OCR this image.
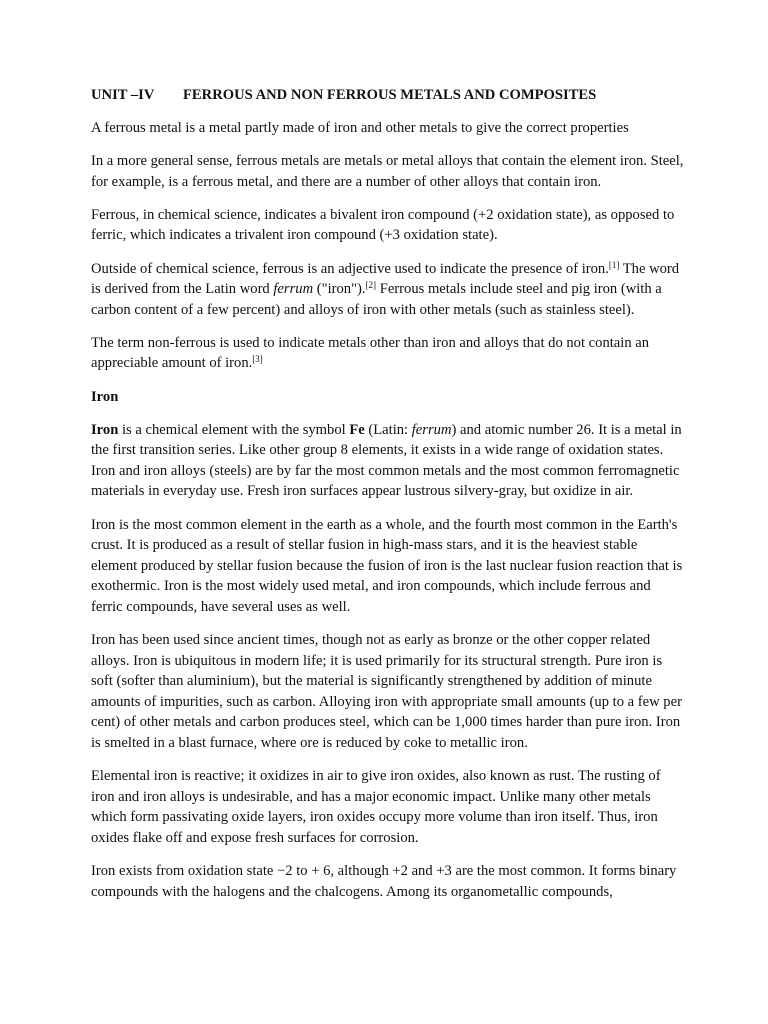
UNIT –IV FERROUS AND NON FERROUS METALS AND COMPOSITES

A ferrous metal is a metal partly made of iron and other metals to give the correct properties

In a more general sense, ferrous metals are metals or metal alloys that contain the element iron. Steel, for example, is a ferrous metal, and there are a number of other alloys that contain iron.

Ferrous, in chemical science, indicates a bivalent iron compound (+2 oxidation state), as opposed to ferric, which indicates a trivalent iron compound (+3 oxidation state).

Outside of chemical science, ferrous is an adjective used to indicate the presence of iron.[1] The word is derived from the Latin word ferrum ("iron").[2] Ferrous metals include steel and pig iron (with a carbon content of a few percent) and alloys of iron with other metals (such as stainless steel).

The term non-ferrous is used to indicate metals other than iron and alloys that do not contain an appreciable amount of iron.[3]

Iron

Iron is a chemical element with the symbol Fe (Latin: ferrum) and atomic number 26. It is a metal in the first transition series. Like other group 8 elements, it exists in a wide range of oxidation states. Iron and iron alloys (steels) are by far the most common metals and the most common ferromagnetic materials in everyday use. Fresh iron surfaces appear lustrous silvery-gray, but oxidize in air.

Iron is the most common element in the earth as a whole, and the fourth most common in the Earth's crust. It is produced as a result of stellar fusion in high-mass stars, and it is the heaviest stable element produced by stellar fusion because the fusion of iron is the last nuclear fusion reaction that is exothermic. Iron is the most widely used metal, and iron compounds, which include ferrous and ferric compounds, have several uses as well.

Iron has been used since ancient times, though not as early as bronze or the other copper related alloys. Iron is ubiquitous in modern life; it is used primarily for its structural strength. Pure iron is soft (softer than aluminium), but the material is significantly strengthened by addition of minute amounts of impurities, such as carbon. Alloying iron with appropriate small amounts (up to a few per cent) of other metals and carbon produces steel, which can be 1,000 times harder than pure iron. Iron is smelted in a blast furnace, where ore is reduced by coke to metallic iron.

Elemental iron is reactive; it oxidizes in air to give iron oxides, also known as rust. The rusting of iron and iron alloys is undesirable, and has a major economic impact. Unlike many other metals which form passivating oxide layers, iron oxides occupy more volume than iron itself. Thus, iron oxides flake off and expose fresh surfaces for corrosion.

Iron exists from oxidation state −2 to + 6, although +2 and +3 are the most common. It forms binary compounds with the halogens and the chalcogens. Among its organometallic compounds,
